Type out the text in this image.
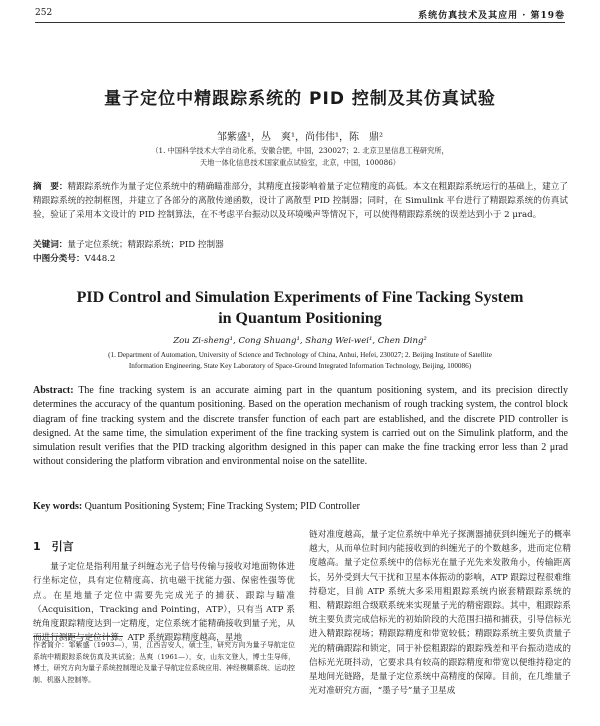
252	系统仿真技术及其应用 · 第19卷
量子定位中精跟踪系统的 PID 控制及其仿真试验
邹紫盛¹，丛　爽¹，尚伟伟¹，陈　鼎²
（1. 中国科学技术大学自动化系，安徽合肥，中国，230027；2. 北京卫星信息工程研究所，
天地一体化信息技术国家重点试验室，北京，中国，100086）
摘　要：精跟踪系统作为量子定位系统中的精确瞄准部分，其精度直接影响着量子定位精度的高低。本文在粗跟踪系统运行的基础上，建立了精跟踪系统的控制框图，并建立了各部分的离散传递函数，设计了离散型 PID 控制器；同时，在 Simulink 平台进行了精跟踪系统的仿真试验，验证了采用本文设计的 PID 控制算法，在不考虑平台振动以及环境噪声等情况下，可以使得精跟踪系统的误差达到小于 2 μrad。
关键词：量子定位系统；精跟踪系统；PID 控制器
中图分类号：V448.2
PID Control and Simulation Experiments of Fine Tacking System
in Quantum Positioning
Zou Zi-sheng¹, Cong Shuang¹, Shang Wei-wei¹, Chen Ding²
(1. Department of Automation, University of Science and Technology of China, Anhui, Hefei, 230027; 2. Beijing Institute of Satellite
Information Engineering, State Key Laboratory of Space-Ground Integrated Information Technology, Beijing, 100086)
Abstract: The fine tracking system is an accurate aiming part in the quantum positioning system, and its precision directly determines the accuracy of the quantum positioning. Based on the operation mechanism of rough tracking system, the control block diagram of fine tracking system and the discrete transfer function of each part are established, and the discrete PID controller is designed. At the same time, the simulation experiment of the fine tracking system is carried out on the Simulink platform, and the simulation result verifies that the PID tracking algorithm designed in this paper can make the fine tracking error less than 2 μrad without considering the platform vibration and environmental noise on the satellite.
Key words: Quantum Positioning System; Fine Tracking System; PID Controller
1　引言

量子定位是指利用量子纠缠态光子信号传输与接收对地面物体进行坐标定位，具有定位精度高、抗电磁干扰能力强、保密性强等优点。在星地量子定位中需要先完成光子的捕获、跟踪与瞄准（Acquisition，Tracking and Pointing，ATP），只有当 ATP 系统角度跟踪精度达到一定精度，定位系统才能精确接收到量子光，从而进行测距与定位计算。ATP 系统跟踪精度越高，星地

链对准度越高，量子定位系统中单光子探测器捕获到纠缠光子的概率越大，从而单位时间内能接收到的纠缠光子的个数越多，进而定位精度越高。量子定位系统中的信标光在量子光先来发散角小，传输距离长，另外受到大气干扰和卫星本体振动的影响，ATP 跟踪过程很难维持稳定，目前 ATP 系统大多采用粗跟踪系统内嵌套精跟踪系统的粗、精跟踪组合级联系统来实现量子光的精密跟踪。其中，粗跟踪系统主要负责完成信标光的初始阶段的大范围扫描和捕获，引导信标光进入精跟踪视场；精跟踪精度和带宽较低；精跟踪系统主要负责量子光的精确跟踪和锁定，同于补偿粗跟踪的跟踪残差和平台振动造成的信标光光斑抖动，它要求具有较高的跟踪精度和带宽以便维持稳定的星地间光链路，是量子定位系统中高精度的保障。目前，在几维量子光对准研究方面，“墨子号”量子卫星成

作者简介：邹紫盛（1993—），男，江西吉安人，硕士生，研究方向为量子导航定位系统中精跟踪系统仿真及其试验；丛爽（1961—），女，山东文登人，博士生导师，博士，研究方向为量子系统控制理论及量子导航定位系统应用、神经模糊系统、运动控制、机器人控制等。
